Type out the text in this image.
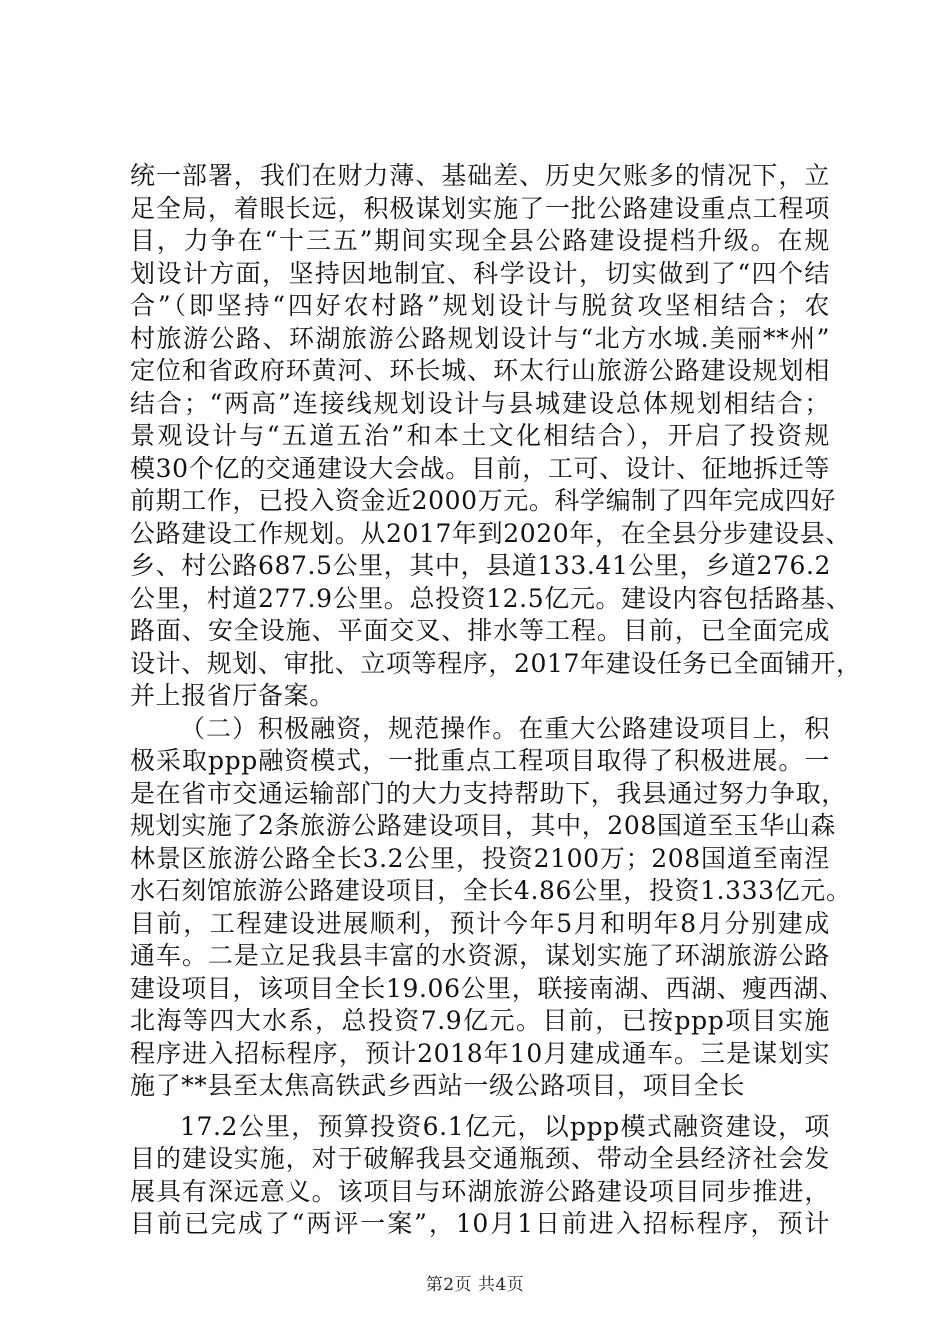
统一部署，我们在财力薄、基础差、历史欠账多的情况下，立
足全局，着眼长远，积极谋划实施了一批公路建设重点工程项
目，力争在“十三五”期间实现全县公路建设提档升级。在规
划设计方面，坚持因地制宜、科学设计，切实做到了“四个结
合”（即坚持“四好农村路”规划设计与脱贫攻坚相结合；农
村旅游公路、环湖旅游公路规划设计与“北方水城.美丽**州”
定位和省政府环黄河、环长城、环太行山旅游公路建设规划相
结合；“两高”连接线规划设计与县城建设总体规划相结合；
景观设计与“五道五治”和本土文化相结合），开启了投资规
模30个亿的交通建设大会战。目前，工可、设计、征地拆迁等
前期工作，已投入资金近2000万元。科学编制了四年完成四好
公路建设工作规划。从2017年到2020年，在全县分步建设县、
乡、村公路687.5公里，其中，县道133.41公里，乡道276.2
公里，村道277.9公里。总投资12.5亿元。建设内容包括路基、
路面、安全设施、平面交叉、排水等工程。目前，已全面完成
设计、规划、审批、立项等程序，2017年建设任务已全面铺开，
并上报省厅备案。
（二）积极融资，规范操作。在重大公路建设项目上，积
极采取ppp融资模式，一批重点工程项目取得了积极进展。一
是在省市交通运输部门的大力支持帮助下，我县通过努力争取，
规划实施了2条旅游公路建设项目，其中，208国道至玉华山森
林景区旅游公路全长3.2公里，投资2100万；208国道至南涅
水石刻馆旅游公路建设项目，全长4.86公里，投资1.333亿元。
目前，工程建设进展顺利，预计今年5月和明年8月分别建成
通车。二是立足我县丰富的水资源，谋划实施了环湖旅游公路
建设项目，该项目全长19.06公里，联接南湖、西湖、瘦西湖、
北海等四大水系，总投资7.9亿元。目前，已按ppp项目实施
程序进入招标程序，预计2018年10月建成通车。三是谋划实
施了**县至太焦高铁武乡西站一级公路项目，项目全长
17.2公里，预算投资6.1亿元，以ppp模式融资建设，项
目的建设实施，对于破解我县交通瓶颈、带动全县经济社会发
展具有深远意义。该项目与环湖旅游公路建设项目同步推进，
目前已完成了“两评一案”，10月1日前进入招标程序，预计
第2页 共4页
